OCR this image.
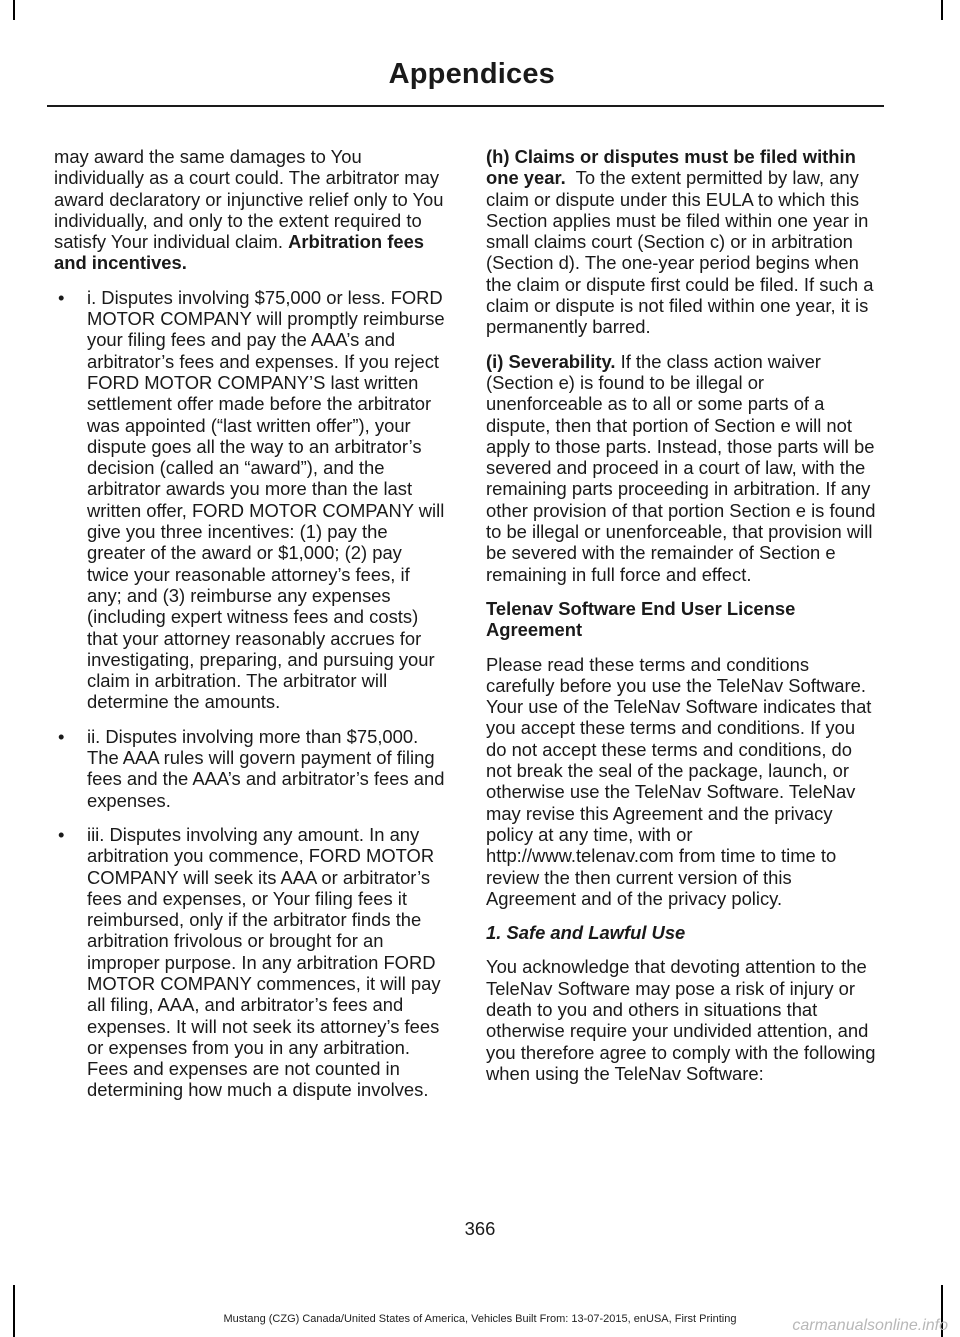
Appendices

may award the same damages to You individually as a court could. The arbitrator may award declaratory or injunctive relief only to You individually, and only to the extent required to satisfy Your individual claim. Arbitration fees and incentives.

• i. Disputes involving $75,000 or less. FORD MOTOR COMPANY will promptly reimburse your filing fees and pay the AAA’s and arbitrator’s fees and expenses. If you reject FORD MOTOR COMPANY’S last written settlement offer made before the arbitrator was appointed (“last written offer”), your dispute goes all the way to an arbitrator’s decision (called an “award”), and the arbitrator awards you more than the last written offer, FORD MOTOR COMPANY will give you three incentives: (1) pay the greater of the award or $1,000; (2) pay twice your reasonable attorney’s fees, if any; and (3) reimburse any expenses (including expert witness fees and costs) that your attorney reasonably accrues for investigating, preparing, and pursuing your claim in arbitration. The arbitrator will determine the amounts.
• ii. Disputes involving more than $75,000. The AAA rules will govern payment of filing fees and the AAA’s and arbitrator’s fees and expenses.
• iii. Disputes involving any amount. In any arbitration you commence, FORD MOTOR COMPANY will seek its AAA or arbitrator’s fees and expenses, or Your filing fees it reimbursed, only if the arbitrator finds the arbitration frivolous or brought for an improper purpose. In any arbitration FORD MOTOR COMPANY commences, it will pay all filing, AAA, and arbitrator’s fees and expenses. It will not seek its attorney’s fees or expenses from you in any arbitration. Fees and expenses are not counted in determining how much a dispute involves.

(h) Claims or disputes must be filed within one year. To the extent permitted by law, any claim or dispute under this EULA to which this Section applies must be filed within one year in small claims court (Section c) or in arbitration (Section d). The one-year period begins when the claim or dispute first could be filed. If such a claim or dispute is not filed within one year, it is permanently barred.

(i) Severability. If the class action waiver (Section e) is found to be illegal or unenforceable as to all or some parts of a dispute, then that portion of Section e will not apply to those parts. Instead, those parts will be severed and proceed in a court of law, with the remaining parts proceeding in arbitration. If any other provision of that portion Section e is found to be illegal or unenforceable, that provision will be severed with the remainder of Section e remaining in full force and effect.

Telenav Software End User License Agreement

Please read these terms and conditions carefully before you use the TeleNav Software. Your use of the TeleNav Software indicates that you accept these terms and conditions. If you do not accept these terms and conditions, do not break the seal of the package, launch, or otherwise use the TeleNav Software. TeleNav may revise this Agreement and the privacy policy at any time, with or http://www.telenav.com from time to time to review the then current version of this Agreement and of the privacy policy.

1. Safe and Lawful Use

You acknowledge that devoting attention to the TeleNav Software may pose a risk of injury or death to you and others in situations that otherwise require your undivided attention, and you therefore agree to comply with the following when using the TeleNav Software:

366
Mustang (CZG) Canada/United States of America, Vehicles Built From: 13-07-2015, enUSA, First Printing	carmanualsonline.info
